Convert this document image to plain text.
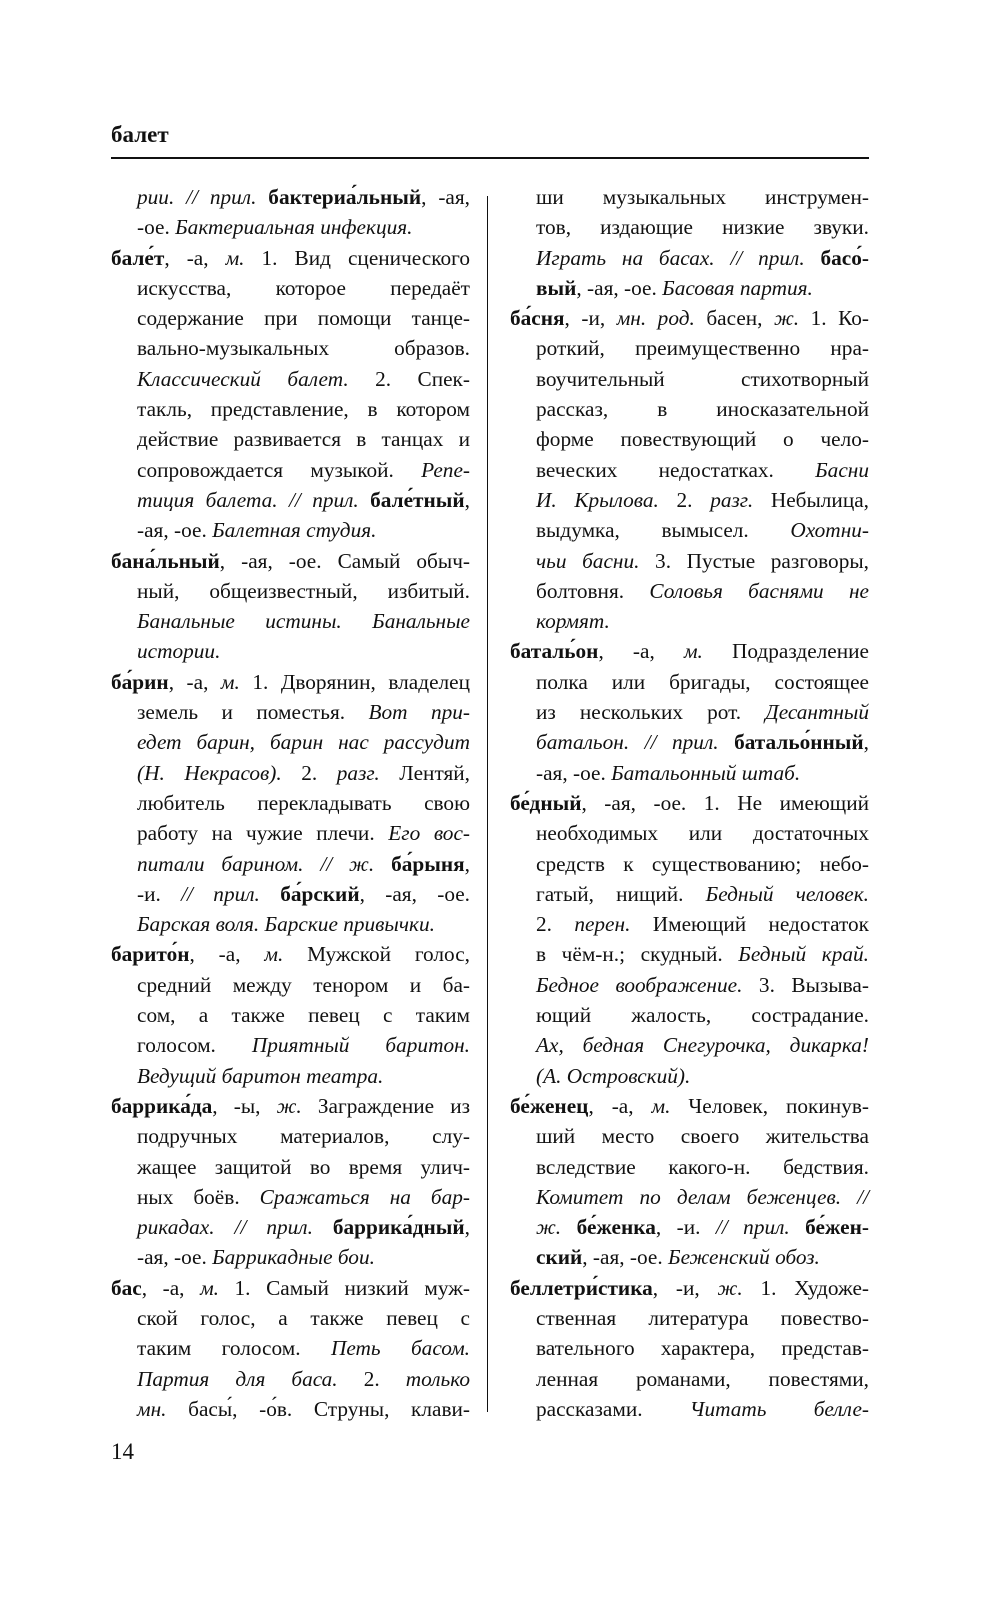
балет
рии. // прил. бактериа́льный, -ая,
-ое. Бактериальная инфекция.
бале́т, -а, м. 1. Вид сценического
искусства, которое передаёт
содержание при помощи танце-
вально-музыкальных образов.
Классический балет. 2. Спек-
такль, представление, в котором
действие развивается в танцах и
сопровождается музыкой. Репе-
тиция балета. // прил. бале́тный,
-ая, -ое. Балетная студия.
бана́льный, -ая, -ое. Самый обыч-
ный, общеизвестный, избитый.
Банальные истины. Банальные
истории.
ба́рин, -а, м. 1. Дворянин, владелец
земель и поместья. Вот при-
едет барин, барин нас рассудит
(Н. Некрасов). 2. разг. Лентяй,
любитель перекладывать свою
работу на чужие плечи. Его вос-
питали барином. // ж. ба́рыня,
-и. // прил. ба́рский, -ая, -ое.
Барская воля. Барские привычки.
барито́н, -а, м. Мужской голос,
средний между тенором и ба-
сом, а также певец с таким
голосом. Приятный баритон.
Ведущий баритон театра.
баррика́да, -ы, ж. Заграждение из
подручных материалов, слу-
жащее защитой во время улич-
ных боёв. Сражаться на бар-
рикадах. // прил. баррика́дный,
-ая, -ое. Баррикадные бои.
бас, -а, м. 1. Самый низкий муж-
ской голос, а также певец с
таким голосом. Петь басом.
Партия для баса. 2. только
мн. басы́, -о́в. Струны, клави-
ши музыкальных инструмен-
тов, издающие низкие звуки.
Играть на басах. // прил. басо́-
вый, -ая, -ое. Басовая партия.
ба́сня, -и, мн. род. басен, ж. 1. Ко-
роткий, преимущественно нра-
воучительный стихотворный
рассказ, в иносказательной
форме повествующий о чело-
веческих недостатках. Басни
И. Крылова. 2. разг. Небылица,
выдумка, вымысел. Охотни-
чьи басни. 3. Пустые разговоры,
болтовня. Соловья баснями не
кормят.
баталь́он, -а, м. Подразделение
полка или бригады, состоящее
из нескольких рот. Десантный
батальон. // прил. батальо́нный,
-ая, -ое. Батальонный штаб.
бе́дный, -ая, -ое. 1. Не имеющий
необходимых или достаточных
средств к существованию; небо-
гатый, нищий. Бедный человек.
2. перен. Имеющий недостаток
в чём-н.; скудный. Бедный край.
Бедное воображение. 3. Вызыва-
ющий жалость, сострадание.
Ах, бедная Снегурочка, дикарка!
(А. Островский).
бе́женец, -а, м. Человек, покинув-
ший место своего жительства
вследствие какого-н. бедствия.
Комитет по делам беженцев. //
ж. бе́женка, -и. // прил. бе́жен-
ский, -ая, -ое. Беженский обоз.
беллетри́стика, -и, ж. 1. Художе-
ственная литература повество-
вательного характера, представ-
ленная романами, повестями,
рассказами. Читать белле-
14
